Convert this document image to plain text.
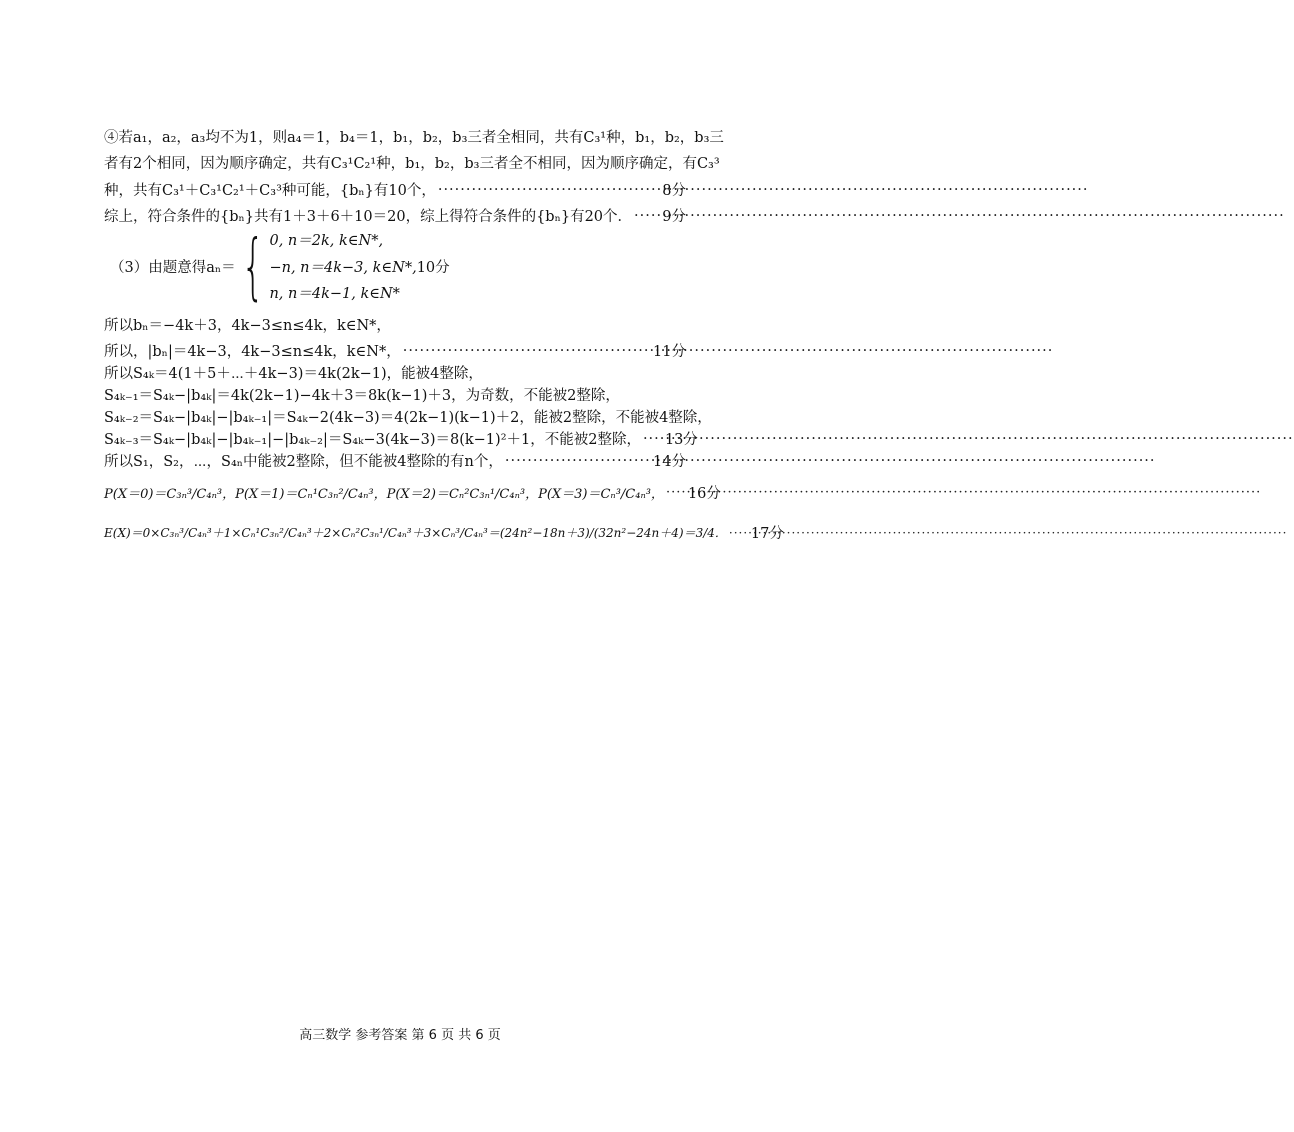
④若a₁，a₂，a₃均不为1，则a₄＝1，b₄＝1，b₁，b₂，b₃三者全相同，共有C₃¹种，b₁，b₂，b₃三
者有2个相同，因为顺序确定，共有C₃¹C₂¹种，b₁，b₂，b₃三者全不相同，因为顺序确定，有C₃³
种，共有C₃¹＋C₃¹C₂¹＋C₃³种可能，{bₙ}有10个， ·····	8分
综上，符合条件的{bₙ}共有1＋3＋6＋10＝20，综上得符合条件的{bₙ}有20个． ····· 9分
（3）由题意得aₙ＝ { 0, n＝2k, k∈N*,
−n, n＝4k−3, k∈N*,
n, n＝4k−1, k∈N*
10分
所以bₙ＝−4k＋3，4k−3≤n≤4k，k∈N*，
所以，|bₙ|＝4k−3，4k−3≤n≤4k，k∈N*， ·····	11分
所以S₄ₖ＝4(1＋5＋⋯＋4k−3)＝4k(2k−1)，能被4整除，
S₄ₖ₋₁＝S₄ₖ−|b₄ₖ|＝4k(2k−1)−4k＋3＝8k(k−1)＋3，为奇数，不能被2整除，
S₄ₖ₋₂＝S₄ₖ−|b₄ₖ|−|b₄ₖ₋₁|＝S₄ₖ−2(4k−3)＝4(2k−1)(k−1)＋2，能被2整除，不能被4整除，
S₄ₖ₋₃＝S₄ₖ−|b₄ₖ|−|b₄ₖ₋₁|−|b₄ₖ₋₂|＝S₄ₖ−3(4k−3)＝8(k−1)²＋1，不能被2整除， ····· 13分
所以S₁，S₂，⋯，S₄ₙ中能被2整除，但不能被4整除的有n个， ·····	14分
P(X＝0)＝C₃ₙ³/C₄ₙ³，P(X＝1)＝Cₙ¹C₃ₙ²/C₄ₙ³，P(X＝2)＝Cₙ²C₃ₙ¹/C₄ₙ³，P(X＝3)＝Cₙ³/C₄ₙ³， ····· 16分
E(X)＝0×C₃ₙ³/C₄ₙ³＋1×Cₙ¹C₃ₙ²/C₄ₙ³＋2×Cₙ²C₃ₙ¹/C₄ₙ³＋3×Cₙ³/C₄ₙ³＝(24n²−18n＋3)/(32n²−24n＋4)＝3/4． ····· 17分
高三数学 参考答案 第 6 页 共 6 页
